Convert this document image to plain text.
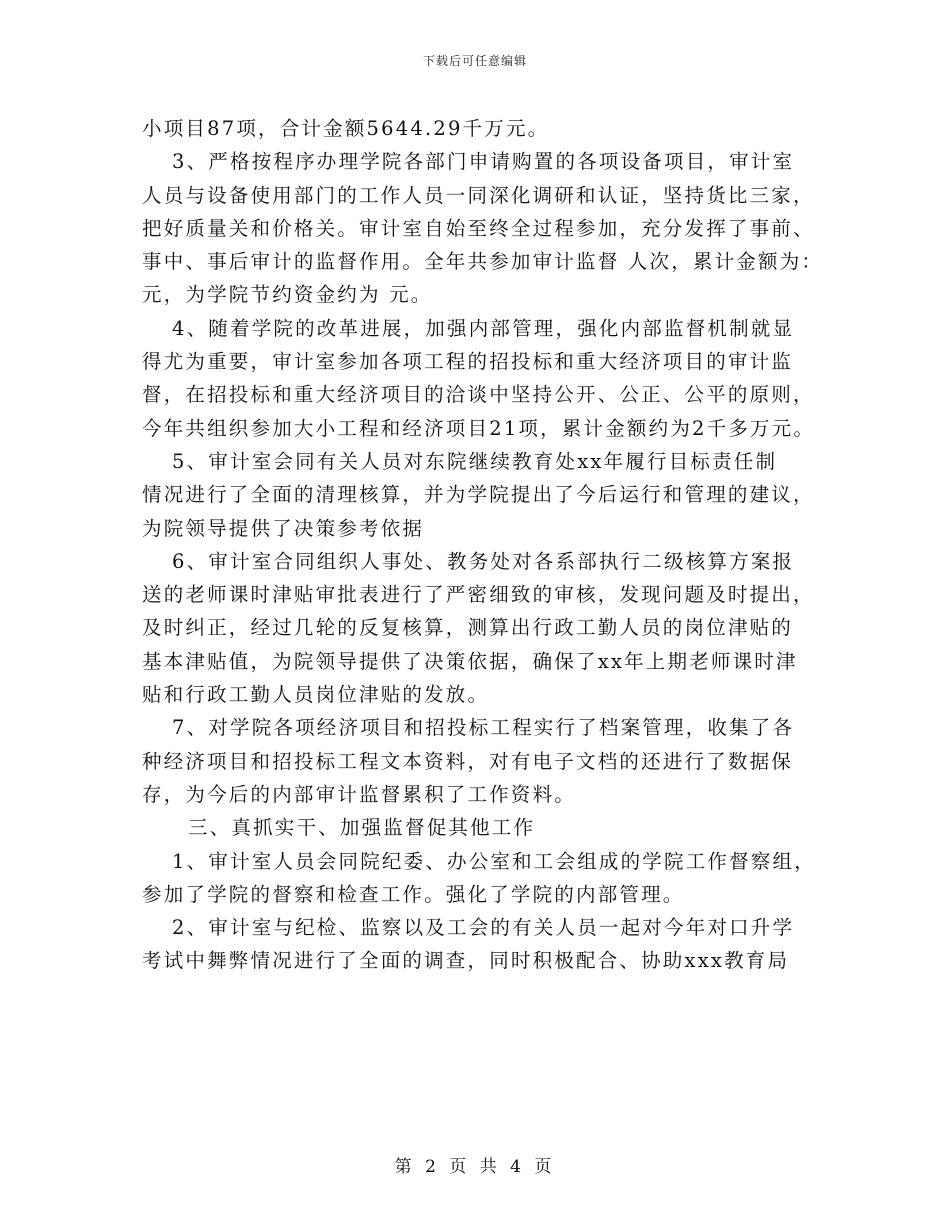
下载后可任意编辑
小项目87项，合计金额5644.29千万元。
3、严格按程序办理学院各部门申请购置的各项设备项目，审计室
人员与设备使用部门的工作人员一同深化调研和认证，坚持货比三家，
把好质量关和价格关。审计室自始至终全过程参加，充分发挥了事前、
事中、事后审计的监督作用。全年共参加审计监督 人次，累计金额为：
元，为学院节约资金约为 元。
4、随着学院的改革进展，加强内部管理，强化内部监督机制就显
得尤为重要，审计室参加各项工程的招投标和重大经济项目的审计监
督，在招投标和重大经济项目的洽谈中坚持公开、公正、公平的原则，
今年共组织参加大小工程和经济项目21项，累计金额约为2千多万元。
5、审计室会同有关人员对东院继续教育处xx年履行目标责任制
情况进行了全面的清理核算，并为学院提出了今后运行和管理的建议，
为院领导提供了决策参考依据
6、审计室合同组织人事处、教务处对各系部执行二级核算方案报
送的老师课时津贴审批表进行了严密细致的审核，发现问题及时提出，
及时纠正，经过几轮的反复核算，测算出行政工勤人员的岗位津贴的
基本津贴值，为院领导提供了决策依据，确保了xx年上期老师课时津
贴和行政工勤人员岗位津贴的发放。
7、对学院各项经济项目和招投标工程实行了档案管理，收集了各
种经济项目和招投标工程文本资料，对有电子文档的还进行了数据保
存，为今后的内部审计监督累积了工作资料。
三、真抓实干、加强监督促其他工作
1、审计室人员会同院纪委、办公室和工会组成的学院工作督察组，
参加了学院的督察和检查工作。强化了学院的内部管理。
2、审计室与纪检、监察以及工会的有关人员一起对今年对口升学
考试中舞弊情况进行了全面的调查，同时积极配合、协助xxx教育局
第 2 页 共 4 页
